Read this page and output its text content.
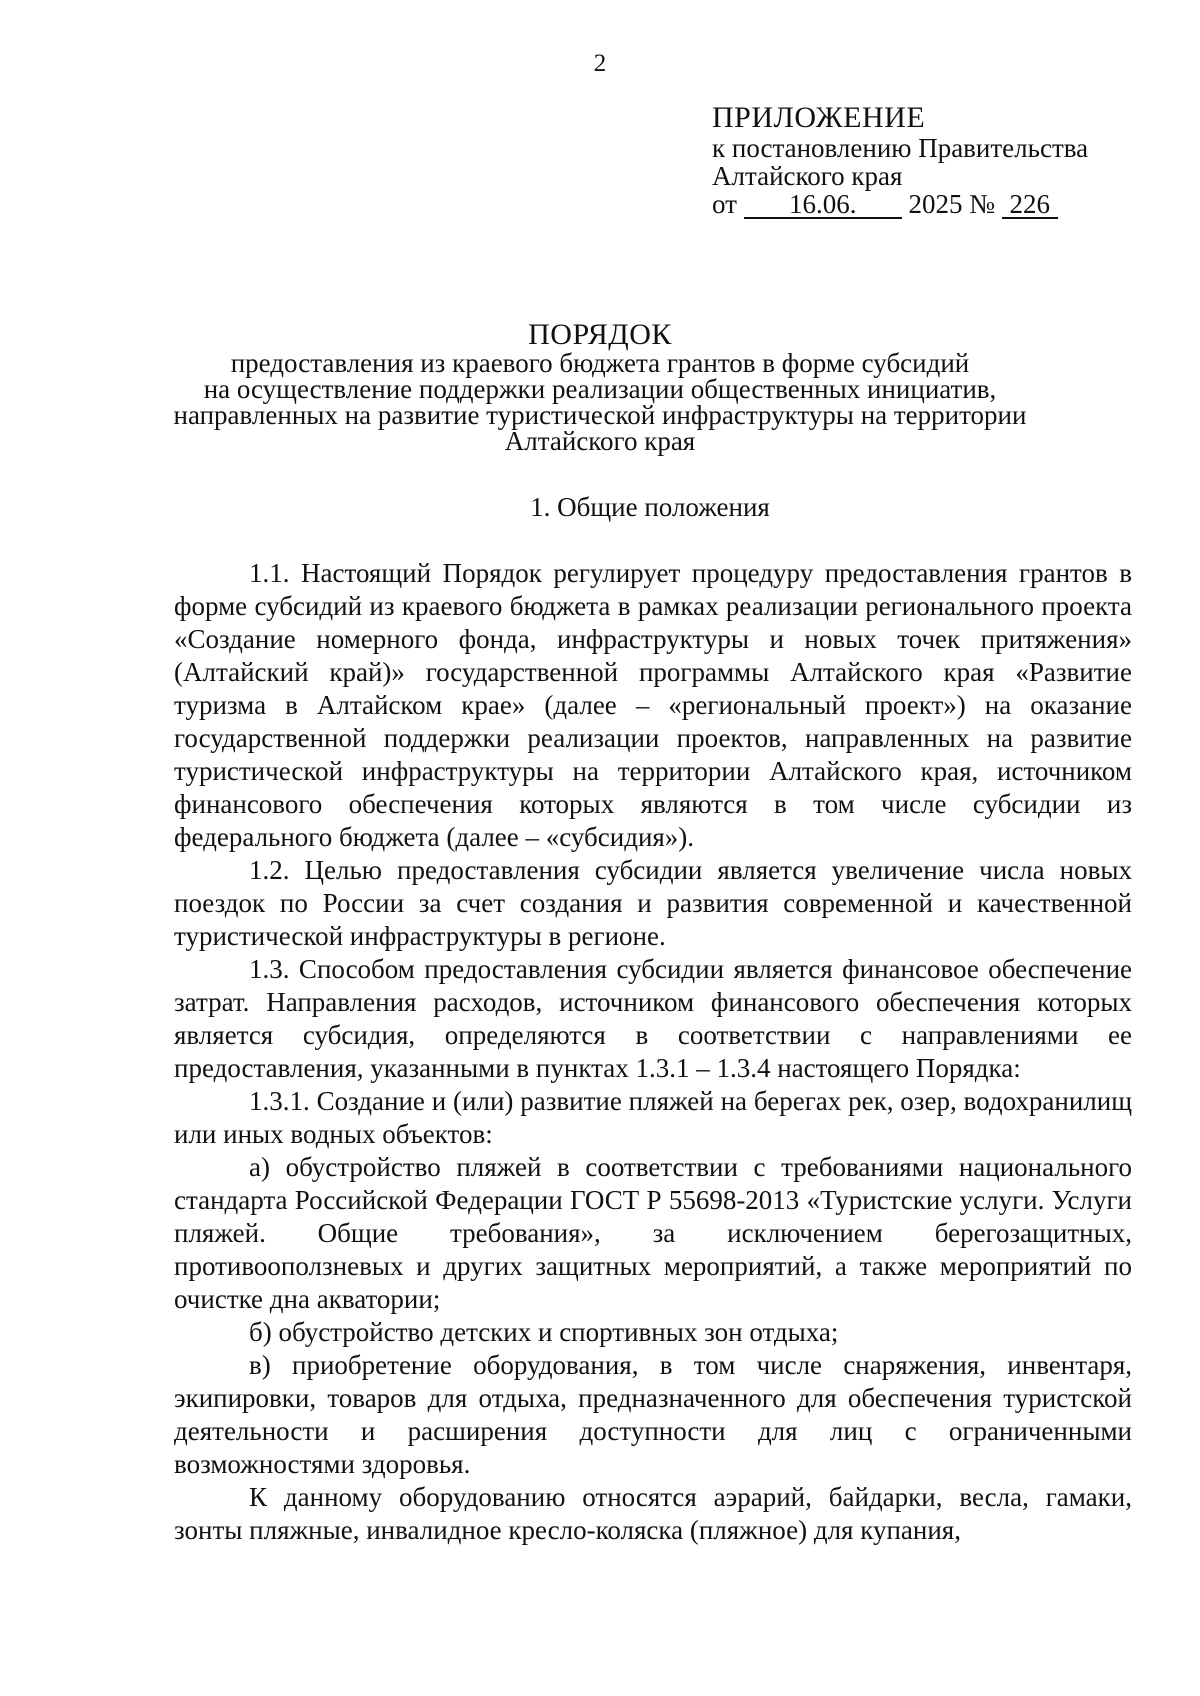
2
ПРИЛОЖЕНИЕ
к постановлению Правительства
Алтайского края
от 16.06. 2025 № 226
ПОРЯДОК
предоставления из краевого бюджета грантов в форме субсидий
на осуществление поддержки реализации общественных инициатив,
направленных на развитие туристической инфраструктуры на территории
Алтайского края
1. Общие положения

1.1. Настоящий Порядок регулирует процедуру предоставления грантов в форме субсидий из краевого бюджета в рамках реализации регионального проекта «Создание номерного фонда, инфраструктуры и новых точек притяжения» (Алтайский край)» государственной программы Алтайского края «Развитие туризма в Алтайском крае» (далее – «региональный проект») на оказание государственной поддержки реализации проектов, направленных на развитие туристической инфраструктуры на территории Алтайского края, источником финансового обеспечения которых являются в том числе субсидии из федерального бюджета (далее – «субсидия»).

1.2. Целью предоставления субсидии является увеличение числа новых поездок по России за счет создания и развития современной и качественной туристической инфраструктуры в регионе.

1.3. Способом предоставления субсидии является финансовое обеспечение затрат. Направления расходов, источником финансового обеспечения которых является субсидия, определяются в соответствии с направлениями ее предоставления, указанными в пунктах 1.3.1 – 1.3.4 настоящего Порядка:

1.3.1. Создание и (или) развитие пляжей на берегах рек, озер, водохранилищ или иных водных объектов:

а) обустройство пляжей в соответствии с требованиями национального стандарта Российской Федерации ГОСТ Р 55698-2013 «Туристские услуги. Услуги пляжей. Общие требования», за исключением берегозащитных, противооползневых и других защитных мероприятий, а также мероприятий по очистке дна акватории;

б) обустройство детских и спортивных зон отдыха;

в) приобретение оборудования, в том числе снаряжения, инвентаря, экипировки, товаров для отдыха, предназначенного для обеспечения туристской деятельности и расширения доступности для лиц с ограниченными возможностями здоровья.

К данному оборудованию относятся аэрарий, байдарки, весла, гамаки, зонты пляжные, инвалидное кресло-коляска (пляжное) для купания,
